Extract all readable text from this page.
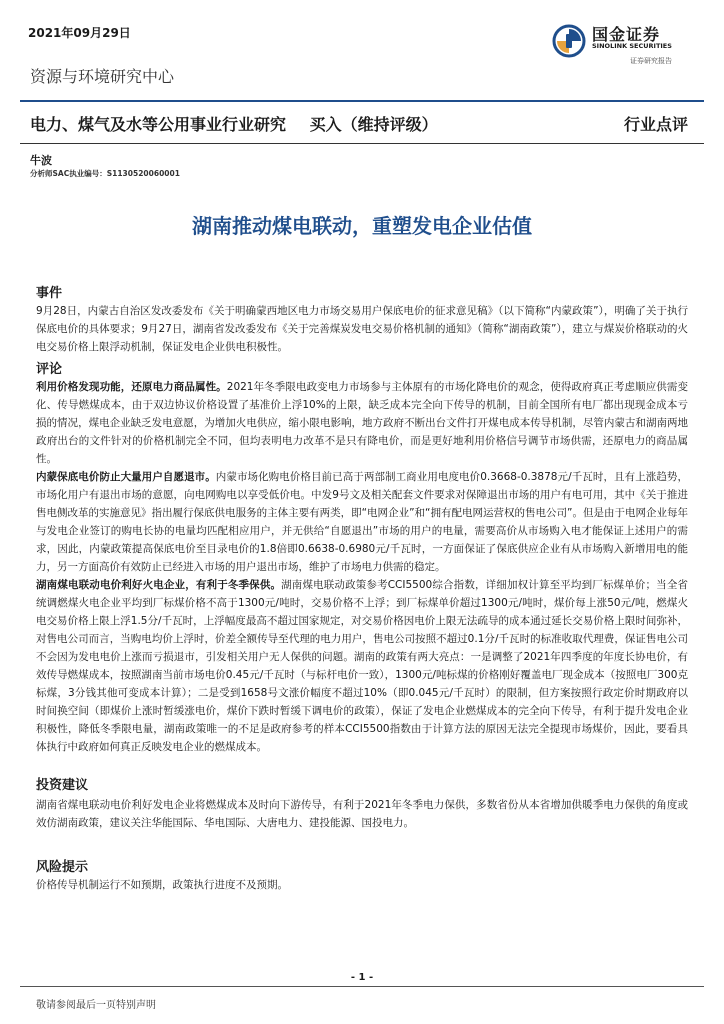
2021年09月29日	国金证券
SINOLINK SECURITIES
证券研究报告
资源与环境研究中心
电力、煤气及水等公用事业行业研究 买入（维持评级）	行业点评
牛波
分析师SAC执业编号：S1130520060001
湖南推动煤电联动，重塑发电企业估值
事件
9月28日，内蒙古自治区发改委发布《关于明确蒙西地区电力市场交易用户保底电价的征求意见稿》（以下简称“内蒙政策”），明确了关于执行保底电价的具体要求；9月27日，湖南省发改委发布《关于完善煤炭发电交易价格机制的通知》（简称“湖南政策”），建立与煤炭价格联动的火电交易价格上限浮动机制，保证发电企业供电积极性。
评论
利用价格发现功能，还原电力商品属性。2021年冬季限电政变电力市场参与主体原有的市场化降电价的观念，使得政府真正考虑顺应供需变化、传导燃煤成本，由于双边协议价格设置了基准价上浮10%的上限，缺乏成本完全向下传导的机制，目前全国所有电厂都出现现金成本亏损的情况，煤电企业缺乏发电意愿，为增加火电供应，缩小限电影响，地方政府不断出台文件打开煤电成本传导机制，尽管内蒙古和湖南两地政府出台的文件针对的价格机制完全不同，但均表明电力改革不是只有降电价，而是更好地利用价格信号调节市场供需，还原电力的商品属性。
内蒙保底电价防止大量用户自愿退市。内蒙市场化购电价格目前已高于两部制工商业用电度电价0.3668-0.3878元/千瓦时，且有上涨趋势，市场化用户有退出市场的意愿，向电网购电以享受低价电。中发9号文及相关配套文件要求对保障退出市场的用户有电可用，其中《关于推进售电侧改革的实施意见》指出履行保底供电服务的主体主要有两类，即“电网企业”和“拥有配电网运营权的售电公司”。但是由于电网企业每年与发电企业签订的购电长协的电量均匹配相应用户，并无供给“自愿退出”市场的用户的电量，需要高价从市场购入电才能保证上述用户的需求，因此，内蒙政策提高保底电价至目录电价的1.8倍即0.6638-0.6980元/千瓦时，一方面保证了保底供应企业有从市场购入新增用电的能力，另一方面高价有效防止已经进入市场的用户退出市场，维护了市场电力供需的稳定。
湖南煤电联动电价利好火电企业，有利于冬季保供。湖南煤电联动政策参考CCI5500综合指数，详细加权计算至平均到厂标煤单价；当全省统调燃煤火电企业平均到厂标煤价格不高于1300元/吨时，交易价格不上浮；到厂标煤单价超过1300元/吨时，煤价每上涨50元/吨，燃煤火电交易价格上限上浮1.5分/千瓦时，上浮幅度最高不超过国家规定，对交易价格因电价上限无法疏导的成本通过延长交易价格上限时间弥补，对售电公司而言，当购电均价上浮时，价差全额传导至代理的电力用户，售电公司按照不超过0.1分/千瓦时的标准收取代理费，保证售电公司不会因为发电电价上涨而亏损退市，引发相关用户无人保供的问题。湖南的政策有两大亮点：一是调整了2021年四季度的年度长协电价，有效传导燃煤成本，按照湖南当前市场电价0.45元/千瓦时（与标杆电价一致），1300元/吨标煤的价格刚好覆盖电厂现金成本（按照电厂300克标煤，3分钱其他可变成本计算）；二是受到1658号文涨价幅度不超过10%（即0.045元/千瓦时）的限制，但方案按照行政定价时期政府以时间换空间（即煤价上涨时暂缓涨电价，煤价下跌时暂缓下调电价的政策），保证了发电企业燃煤成本的完全向下传导，有利于提升发电企业积极性，降低冬季限电量，湖南政策唯一的不足是政府参考的样本CCI5500指数由于计算方法的原因无法完全提现市场煤价，因此，要看具体执行中政府如何真正反映发电企业的燃煤成本。
投资建议
湖南省煤电联动电价利好发电企业将燃煤成本及时向下游传导，有利于2021年冬季电力保供，多数省份从本省增加供暖季电力保供的角度或效仿湖南政策，建议关注华能国际、华电国际、大唐电力、建投能源、国投电力。
风险提示
价格传导机制运行不如预期，政策执行进度不及预期。
- 1 -
敬请参阅最后一页特别声明
